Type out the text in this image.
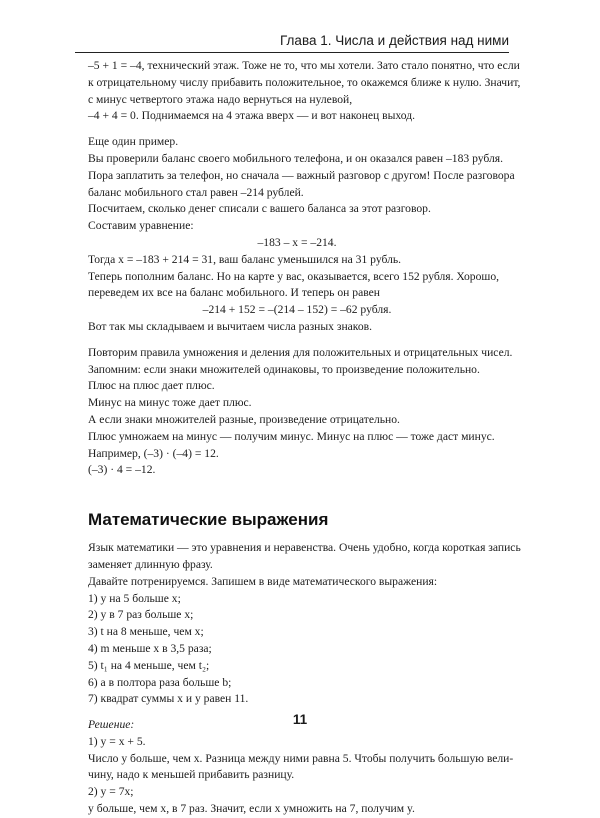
Глава 1. Числа и действия над ними
–5 + 1 = –4, технический этаж. Тоже не то, что мы хотели. Зато стало понятно, что если
к отрицательному числу прибавить положительное, то окажемся ближе к нулю. Значит,
с минус четвертого этажа надо вернуться на нулевой,
–4 + 4 = 0. Поднимаемся на 4 этажа вверх — и вот наконец выход.
Еще один пример.
Вы проверили баланс своего мобильного телефона, и он оказался равен –183 рубля.
Пора заплатить за телефон, но сначала — важный разговор с другом! После разговора
баланс мобильного стал равен –214 рублей.
Посчитаем, сколько денег списали с вашего баланса за этот разговор.
Составим уравнение:
–183 – x = –214.
Тогда x = –183 + 214 = 31, ваш баланс уменьшился на 31 рубль.
Теперь пополним баланс. Но на карте у вас, оказывается, всего 152 рубля. Хорошо,
переведем их все на баланс мобильного. И теперь он равен
–214 + 152 = –(214 – 152) = –62 рубля.
Вот так мы складываем и вычитаем числа разных знаков.
Повторим правила умножения и деления для положительных и отрицательных чисел.
Запомним: если знаки множителей одинаковы, то произведение положительно.
Плюс на плюс дает плюс.
Минус на минус тоже дает плюс.
А если знаки множителей разные, произведение отрицательно.
Плюс умножаем на минус — получим минус. Минус на плюс — тоже даст минус.
Например, (–3) · (–4) = 12.
(–3) · 4 = –12.
Математические выражения
Язык математики — это уравнения и неравенства. Очень удобно, когда короткая запись
заменяет длинную фразу.
Давайте потренируемся. Запишем в виде математического выражения:
1) y на 5 больше x;
2) y в 7 раз больше x;
3) t на 8 меньше, чем x;
4) m меньше x в 3,5 раза;
5) t₁ на 4 меньше, чем t₂;
6) a в полтора раза больше b;
7) квадрат суммы x и y равен 11.
Решение:
1) y = x + 5.
Число y больше, чем x. Разница между ними равна 5. Чтобы получить большую вели-
чину, надо к меньшей прибавить разницу.
2) y = 7x;
y больше, чем x, в 7 раз. Значит, если x умножить на 7, получим y.
11
